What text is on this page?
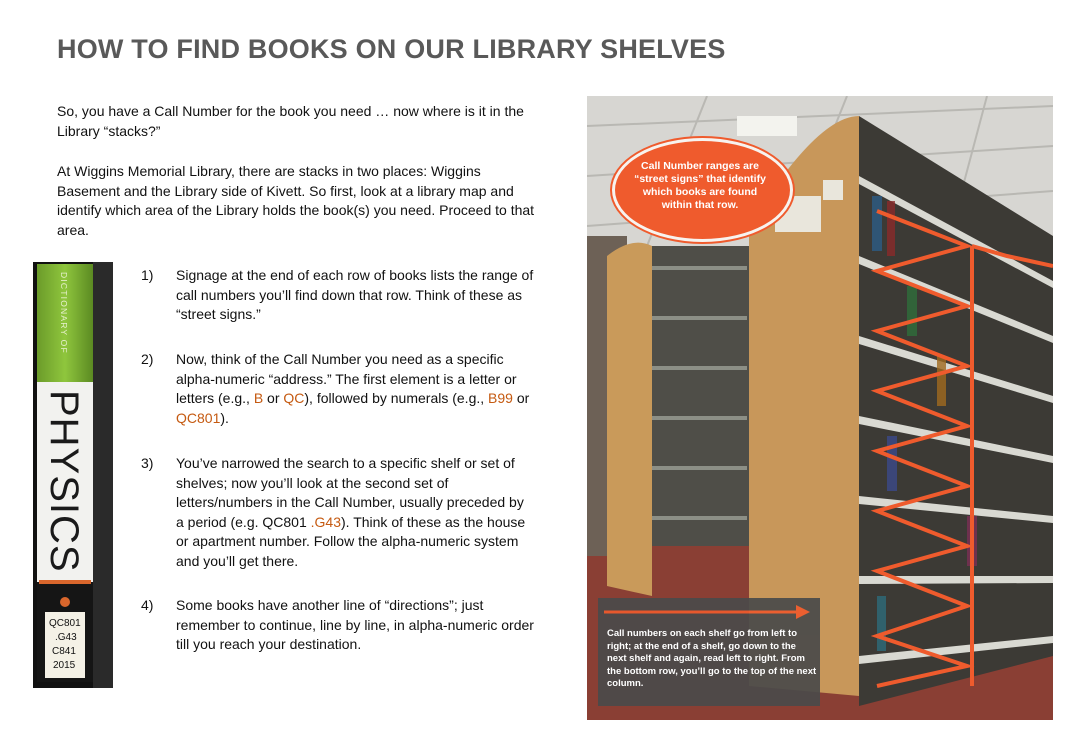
HOW TO FIND BOOKS ON OUR LIBRARY SHELVES
So, you have a Call Number for the book you need … now where is it in the Library “stacks?”
At Wiggins Memorial Library, there are stacks in two places: Wiggins Basement and the Library side of Kivett. So first, look at a library map and identify which area of the Library holds the book(s) you need. Proceed to that area.
1) Signage at the end of each row of books lists the range of call numbers you’ll find down that row. Think of these as “street signs.”
2) Now, think of the Call Number you need as a specific alpha-numeric “address.” The first element is a letter or letters (e.g., B or QC), followed by numerals (e.g., B99 or QC801).
3) You’ve narrowed the search to a specific shelf or set of shelves; now you’ll look at the second set of letters/numbers in the Call Number, usually preceded by a period (e.g. QC801 .G43). Think of these as the house or apartment number. Follow the alpha-numeric system and you’ll get there.
4) Some books have another line of “directions”; just remember to continue, line by line, in alpha-numeric order till you reach your destination.
DICTIONARY OF
PHYSICS
QC801
.G43
C841
2015
Call Number ranges are “street signs” that identify which books are found within that row.
Call numbers on each shelf go from left to right; at the end of a shelf, go down to the next shelf and again, read left to right. From the bottom row, you’ll go to the top of the next column.
